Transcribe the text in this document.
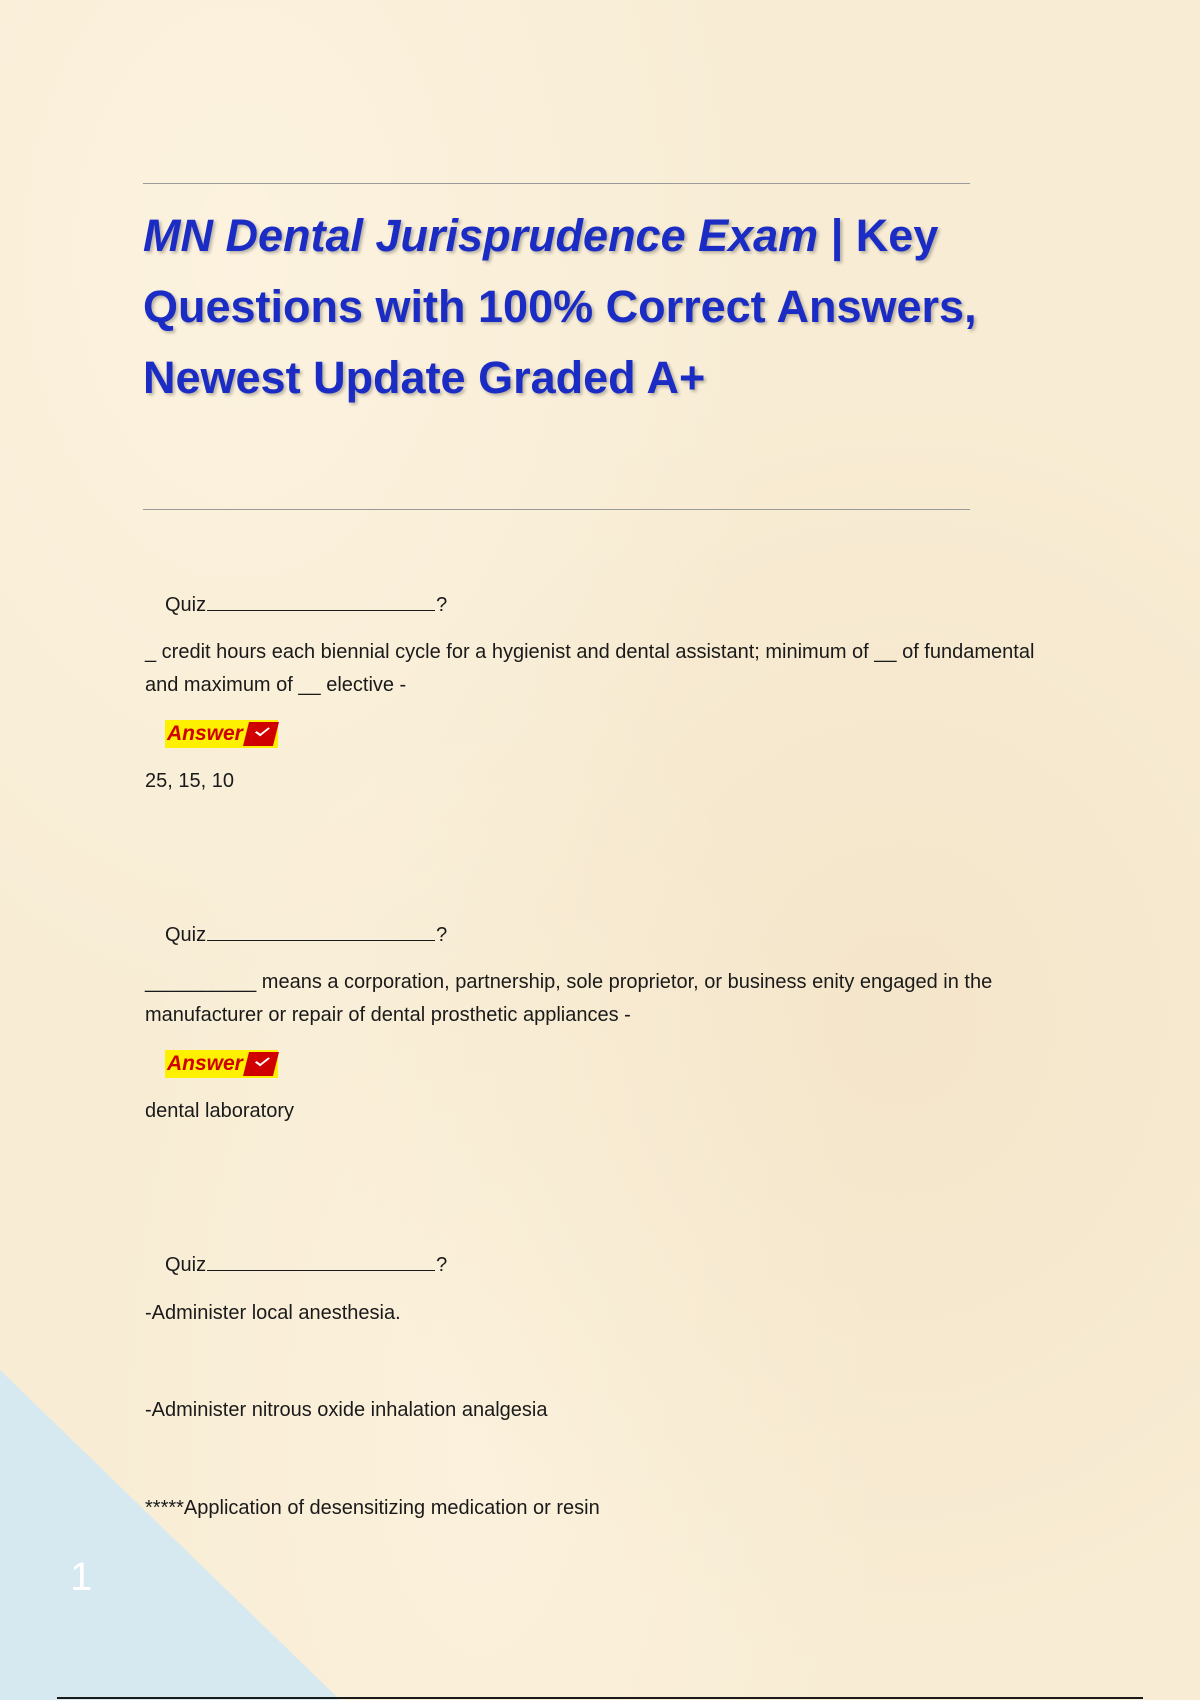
1
MN Dental Jurisprudence Exam | Key Questions with 100% Correct Answers, Newest Update Graded A+
Quiz	?
_ credit hours each biennial cycle for a hygienist and dental assistant; minimum of __ of fundamental and maximum of __ elective -
Answer
25, 15, 10
Quiz	?
__________ means a corporation, partnership, sole proprietor, or business enity engaged in the manufacturer or repair of dental prosthetic appliances -
Answer
dental laboratory
Quiz	?
-Administer local anesthesia.
-Administer nitrous oxide inhalation analgesia
*****Application of desensitizing medication or resin
